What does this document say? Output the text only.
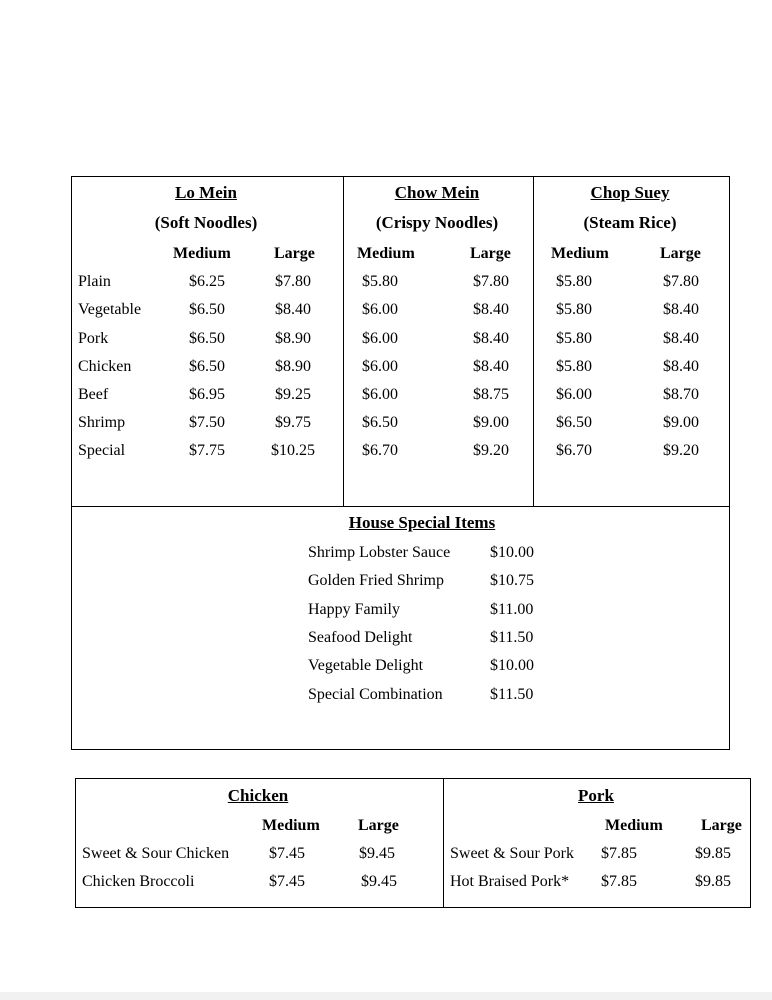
Lo Mein
(Soft Noodles)
Chow Mein
(Crispy Noodles)
Chop Suey
(Steam Rice)
Medium	Large	Medium	Large	Medium	Large
Plain	$6.25	$7.80	$5.80	$7.80	$5.80	$7.80
Vegetable	$6.50	$8.40	$6.00	$8.40	$5.80	$8.40
Pork	$6.50	$8.90	$6.00	$8.40	$5.80	$8.40
Chicken	$6.50	$8.90	$6.00	$8.40	$5.80	$8.40
Beef	$6.95	$9.25	$6.00	$8.75	$6.00	$8.70
Shrimp	$7.50	$9.75	$6.50	$9.00	$6.50	$9.00
Special	$7.75	$10.25	$6.70	$9.20	$6.70	$9.20
House Special Items
Shrimp Lobster Sauce $10.00
Golden Fried Shrimp	$10.75
Happy Family	$11.00
Seafood Delight	$11.50
Vegetable Delight	$10.00
Special Combination	$11.50
Chicken
Medium Large
Sweet & Sour Chicken $7.45	$9.45
Chicken Broccoli	$7.45	$9.45
Pork
Medium Large
Sweet & Sour Pork $7.85	$9.85
Hot Braised Pork* $7.85	$9.85
